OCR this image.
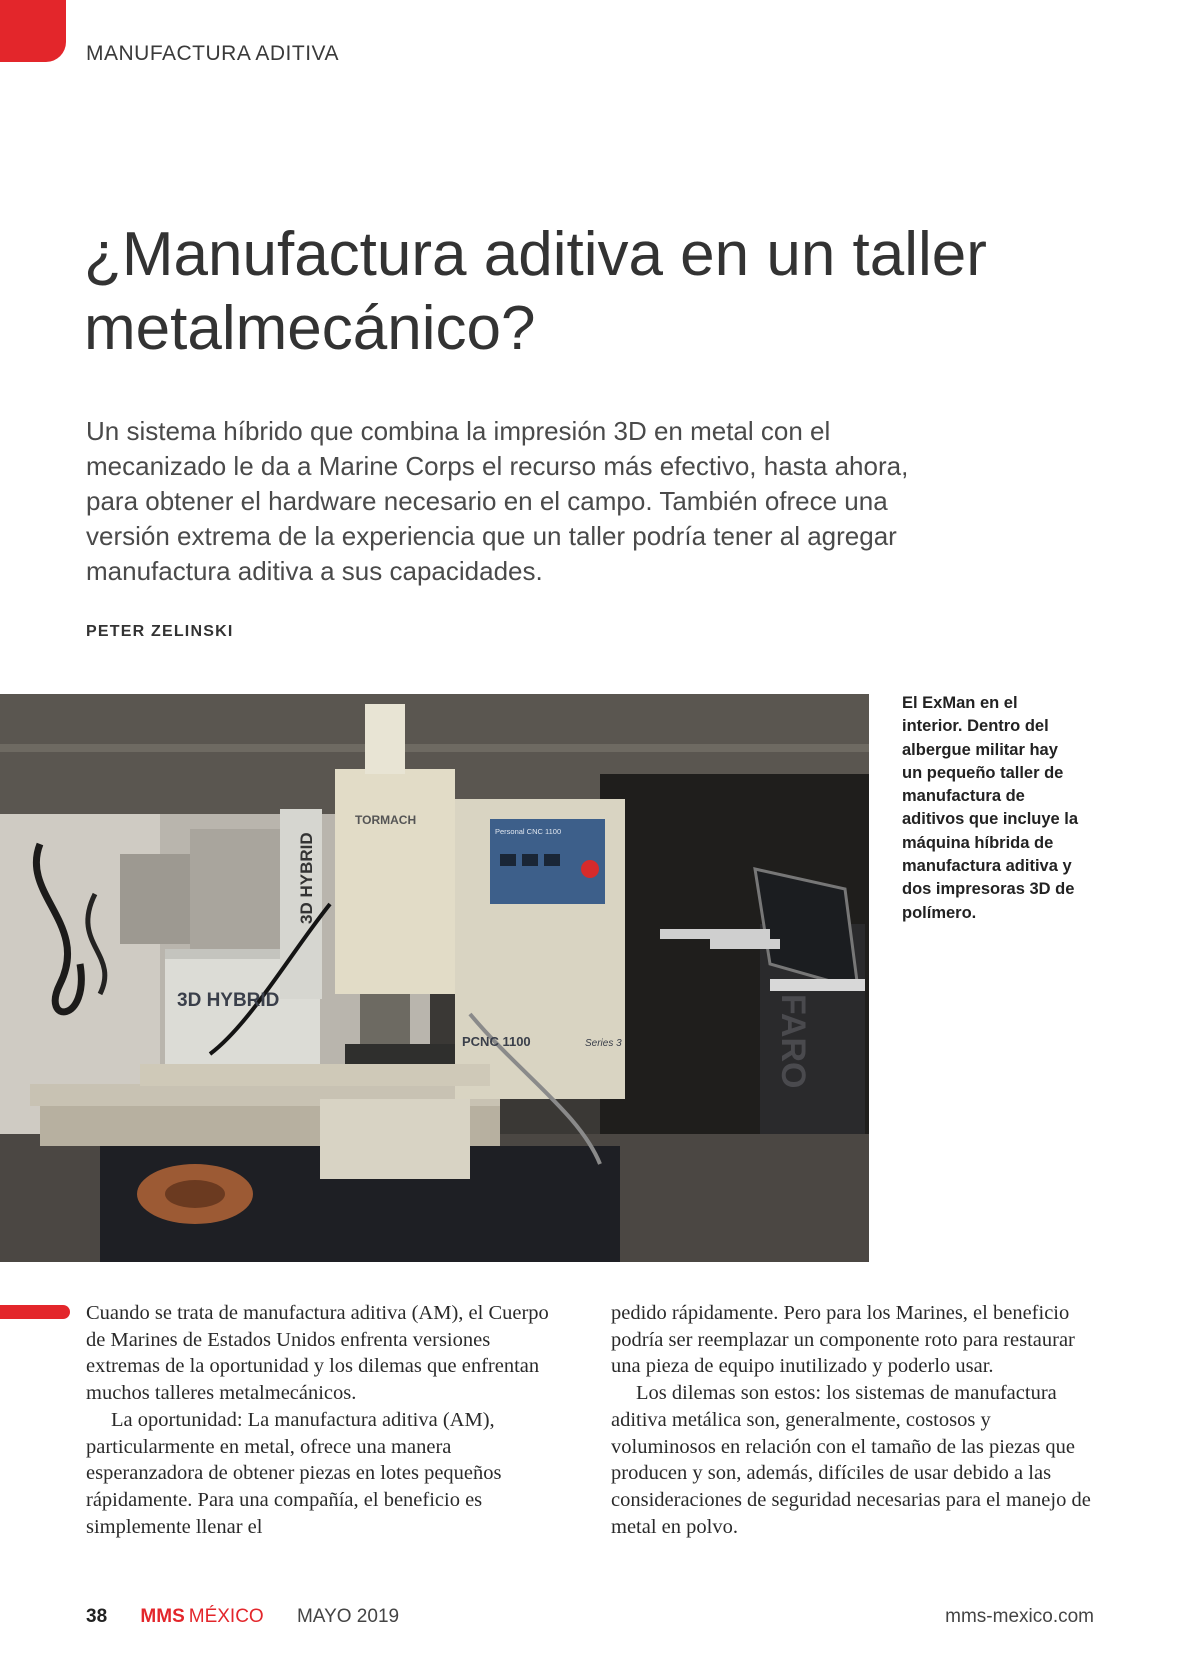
MANUFACTURA ADITIVA
¿Manufactura aditiva en un taller metalmecánico?

Un sistema híbrido que combina la impresión 3D en metal con el mecanizado le da a Marine Corps el recurso más efectivo, hasta ahora, para obtener el hardware necesario en el campo. También ofrece una versión extrema de la experiencia que un taller podría tener al agregar manufactura aditiva a sus capacidades.

PETER ZELINSKI
3D HYBRID
3D HYBRID
TORMACH
Personal CNC 1100
PCNC 1100	Series 3	FARO

El ExMan en el interior. Dentro del albergue militar hay un pequeño taller de manufactura de aditivos que incluye la máquina híbrida de manufactura aditiva y dos impresoras 3D de polímero.

Cuando se trata de manufactura aditiva (AM), el Cuerpo de Marines de Estados Unidos enfrenta versiones extremas de la oportunidad y los dilemas que enfrentan muchos talleres metalmecánicos.

La oportunidad: La manufactura aditiva (AM), particularmente en metal, ofrece una manera esperanzadora de obtener piezas en lotes pequeños rápidamente. Para una compañía, el beneficio es simplemente llenar el

pedido rápidamente. Pero para los Marines, el beneficio podría ser reemplazar un componente roto para restaurar una pieza de equipo inutilizado y poderlo usar.

Los dilemas son estos: los sistemas de manufactura aditiva metálica son, generalmente, costosos y voluminosos en relación con el tamaño de las piezas que producen y son, además, difíciles de usar debido a las consideraciones de seguridad necesarias para el manejo de metal en polvo.

38 MMS MÉXICO MAYO 2019	mms-mexico.com
